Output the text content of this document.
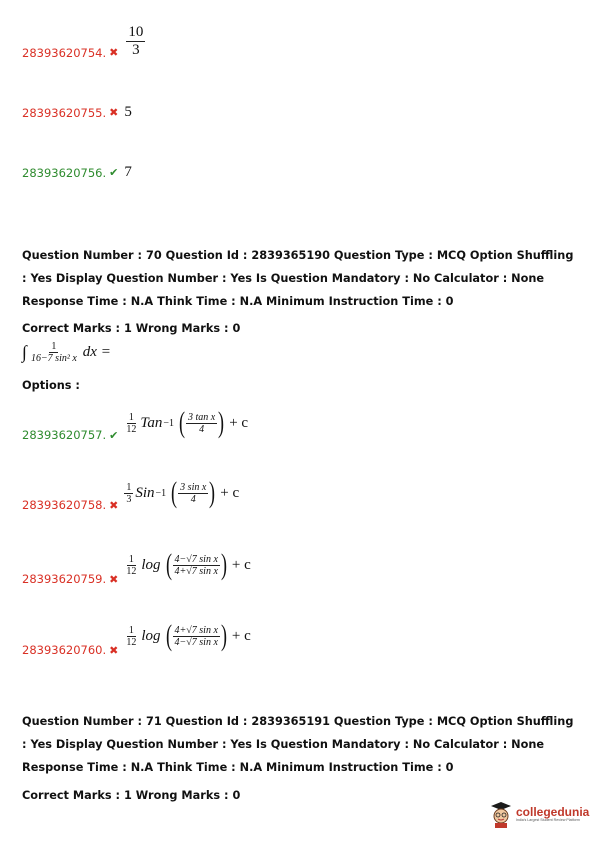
28393620754. ✖ $\frac{10}{3}$
28393620755. ✖ 5
28393620756. ✔ 7
Question Number : 70 Question Id : 2839365190 Question Type : MCQ Option Shuffling : Yes Display Question Number : Yes Is Question Mandatory : No Calculator : None Response Time : N.A Think Time : N.A Minimum Instruction Time : 0
Correct Marks : 1 Wrong Marks : 0
∫ $\frac{1}{\text{16−7 sin² x}}$ dx =
Options :
28393620757. ✔
$\frac{1}{12}$ Tan −1 ( $\frac{\text{3 tan x}}{4}$ ) + c
28393620758. ✖
$\frac{1}{3}$ Sin −1 ( $\frac{\text{3 sin x}}{4}$ ) + c
28393620759. ✖
$\frac{1}{12}$ log ( $\frac{\text{4−√7 sin x}}{\text{4+√7 sin x}}$ ) + c
28393620760. ✖
$\frac{1}{12}$ log ( $\frac{\text{4+√7 sin x}}{\text{4−√7 sin x}}$ ) + c
Question Number : 71 Question Id : 2839365191 Question Type : MCQ Option Shuffling : Yes Display Question Number : Yes Is Question Mandatory : No Calculator : None Response Time : N.A Think Time : N.A Minimum Instruction Time : 0
Correct Marks : 1 Wrong Marks : 0
collegedunia
India's Largest Student Review Platform
